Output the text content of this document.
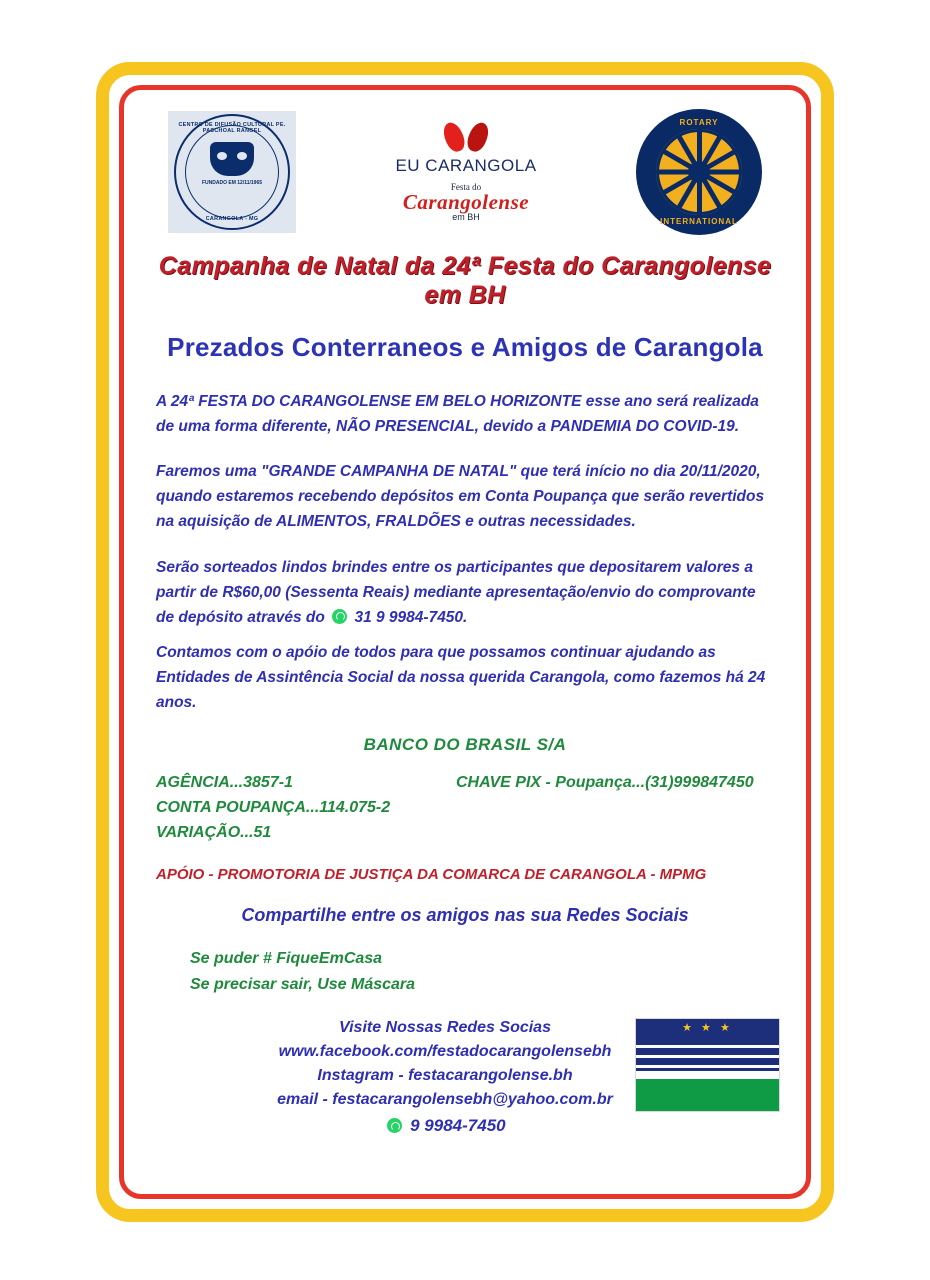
CENTRO DE DIFUSÃO CULTURAL PE. PASCHOAL RANGEL
FUNDADO EM 12/11/1965
CARANGOLA - MG
EU CARANGOLA
Festa do
Carangolense
em BH
ROTARY
INTERNATIONAL
Campanha de Natal da 24ª Festa do Carangolense em BH
Prezados Conterraneos e Amigos de Carangola
A 24ª FESTA DO CARANGOLENSE EM BELO HORIZONTE esse ano será realizada de uma forma diferente, NÃO PRESENCIAL, devido a PANDEMIA DO COVID-19.
Faremos uma "GRANDE CAMPANHA DE NATAL" que terá início no dia 20/11/2020, quando estaremos recebendo depósitos em Conta Poupança que serão revertidos na aquisição de ALIMENTOS, FRALDÕES e outras necessidades.
Serão sorteados lindos brindes entre os participantes que depositarem valores a partir de R$60,00 (Sessenta Reais) mediante apresentação/envio do comprovante de depósito através do 31 9 9984-7450.
Contamos com o apóio de todos para que possamos continuar ajudando as Entidades de Assintência Social da nossa querida Carangola, como fazemos há 24 anos.
BANCO DO BRASIL S/A
AGÊNCIA...3857-1	CHAVE PIX - Poupança...(31)999847450
CONTA POUPANÇA...114.075-2
VARIAÇÃO...51
APÓIO - PROMOTORIA DE JUSTIÇA DA COMARCA DE CARANGOLA - MPMG
Compartilhe entre os amigos nas sua Redes Sociais
Se puder # FiqueEmCasa
Se precisar sair, Use Máscara
★ ★ ★
Visite Nossas Redes Socias
www.facebook.com/festadocarangolensebh
Instagram - festacarangolense.bh
email - festacarangolensebh@yahoo.com.br
9 9984-7450
